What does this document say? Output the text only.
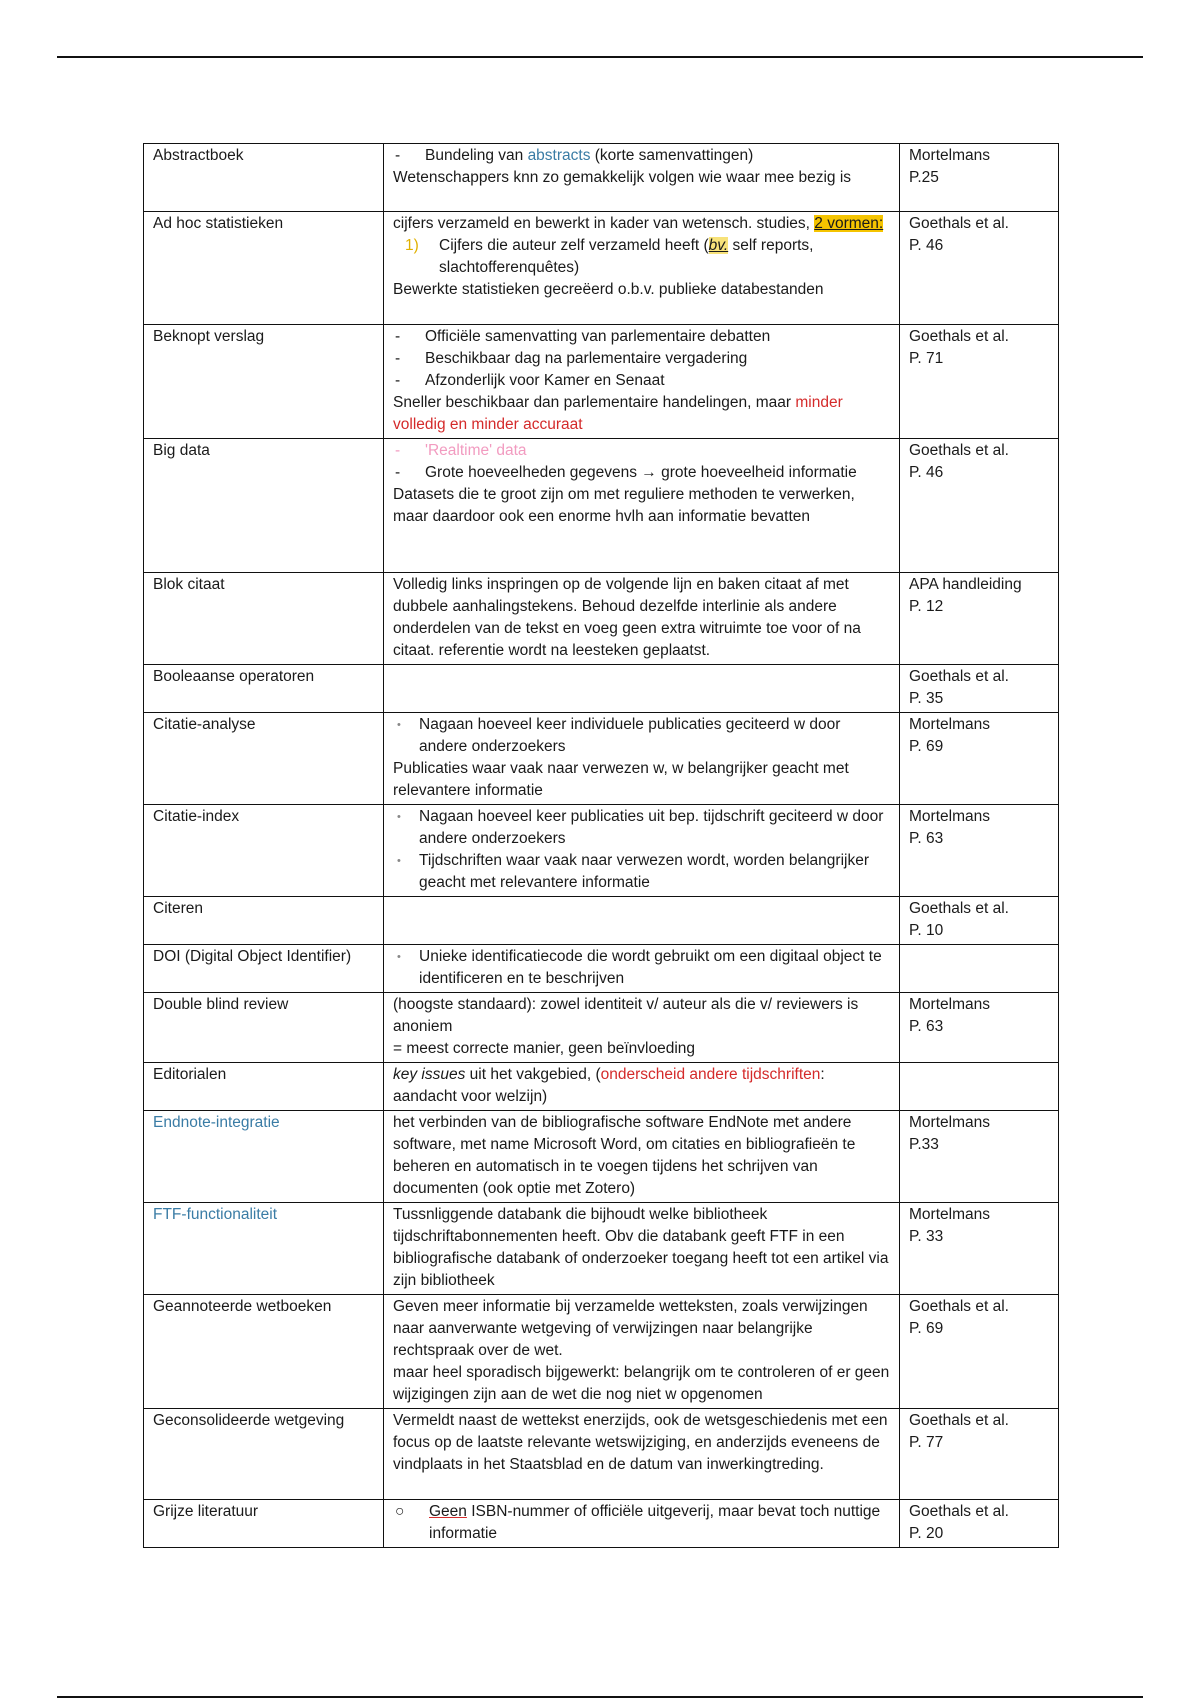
Abstractboek	- Bundeling van abstracts (korte samenvattingen)
Wetenschappers knn zo gemakkelijk volgen wie waar mee bezig is	Mortelmans
P.25

Ad hoc statistieken	cijfers verzameld en bewerkt in kader van wetensch. studies, 2 vormen:
1) Cijfers die auteur zelf verzameld heeft (bv. self reports, slachtofferenquêtes)
Bewerkte statistieken gecreëerd o.b.v. publieke databestanden	Goethals et al.
P. 46

Beknopt verslag	- Officiële samenvatting van parlementaire debatten
- Beschikbaar dag na parlementaire vergadering
- Afzonderlijk voor Kamer en Senaat
Sneller beschikbaar dan parlementaire handelingen, maar minder volledig en minder accuraat	Goethals et al.
P. 71

Big data	- 'Realtime' data
- Grote hoeveelheden gegevens → grote hoeveelheid informatie
Datasets die te groot zijn om met reguliere methoden te verwerken, maar daardoor ook een enorme hvlh aan informatie bevatten	Goethals et al.
P. 46

Blok citaat	Volledig links inspringen op de volgende lijn en baken citaat af met dubbele aanhalingstekens. Behoud dezelfde interlinie als andere onderdelen van de tekst en voeg geen extra witruimte toe voor of na citaat. referentie wordt na leesteken geplaatst.	APA handleiding
P. 12

Booleaanse operatoren		Goethals et al.
P. 35

Citatie-analyse	• Nagaan hoeveel keer individuele publicaties geciteerd w door andere onderzoekers
Publicaties waar vaak naar verwezen w, w belangrijker geacht met relevantere informatie	Mortelmans
P. 69

Citatie-index	• Nagaan hoeveel keer publicaties uit bep. tijdschrift geciteerd w door andere onderzoekers
• Tijdschriften waar vaak naar verwezen wordt, worden belangrijker geacht met relevantere informatie	Mortelmans
P. 63

Citeren		Goethals et al.
P. 10

DOI (Digital Object Identifier)	• Unieke identificatiecode die wordt gebruikt om een digitaal object te identificeren en te beschrijven

Double blind review	(hoogste standaard): zowel identiteit v/ auteur als die v/ reviewers is anoniem
= meest correcte manier, geen beïnvloeding	Mortelmans
P. 63

Editorialen	key issues uit het vakgebied, (onderscheid andere tijdschriften: aandacht voor welzijn)	
Endnote-integratie	het verbinden van de bibliografische software EndNote met andere software, met name Microsoft Word, om citaties en bibliografieën te beheren en automatisch in te voegen tijdens het schrijven van documenten (ook optie met Zotero)	Mortelmans
P.33

FTF-functionaliteit	Tussnliggende databank die bijhoudt welke bibliotheek tijdschriftabonnementen heeft. Obv die databank geeft FTF in een bibliografische databank of onderzoeker toegang heeft tot een artikel via zijn bibliotheek	Mortelmans
P. 33

Geannoteerde wetboeken	Geven meer informatie bij verzamelde wetteksten, zoals verwijzingen naar aanverwante wetgeving of verwijzingen naar belangrijke rechtspraak over de wet.
maar heel sporadisch bijgewerkt: belangrijk om te controleren of er geen wijzigingen zijn aan de wet die nog niet w opgenomen	Goethals et al.
P. 69

Geconsolideerde wetgeving	Vermeldt naast de wettekst enerzijds, ook de wetsgeschiedenis met een focus op de laatste relevante wetswijziging, en anderzijds eveneens de vindplaats in het Staatsblad en de datum van inwerkingtreding.	Goethals et al.
P. 77

Grijze literatuur	○ Geen ISBN-nummer of officiële uitgeverij, maar bevat toch nuttige informatie	Goethals et al.
P. 20
